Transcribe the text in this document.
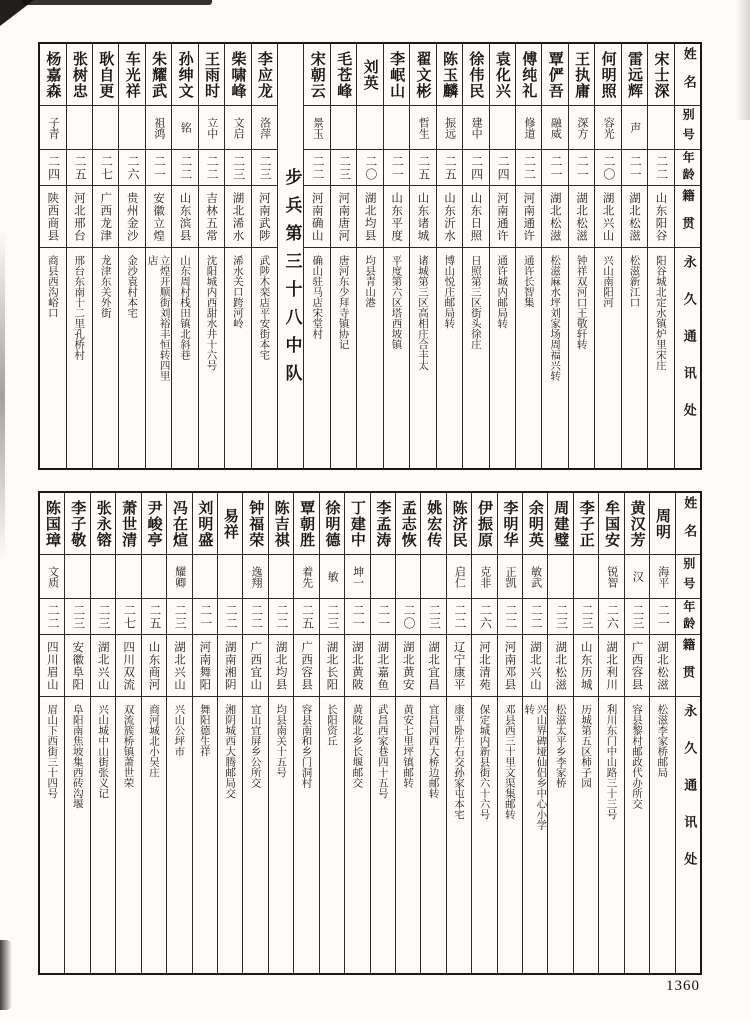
姓名
别号
年龄
籍贯
永久通讯处
宋士深
二二
山东阳谷
阳谷城北定水镇炉里宋庄
雷远辉
声
二一
湖北松滋
松滋新江口
何明照
容光
二〇
湖北兴山
兴山南阳河
王执庸
深方
二一
湖北松滋
钟祥双河口王敬轩转
覃俨吾
融威
二一
湖北松滋
松滋麻水坪刘家场周福兴转
傅纯礼
修道
二二
河南通许
通许长智集
袁化兴
二四
河南通许
通许城内邮局转
徐伟民
建中
二四
山东日照
日照第三区街头徐庄
陈玉麟
振远
二五
山东沂水
博山悦庄邮局转
翟文彬
哲生
二五
山东诸城
诸城第三区高相庄合丰太
李岷山
二一
山东平度
平度第六区塔西坡镇
刘英
二〇
湖北均县
均县青山港
毛苍峰
二三
河南唐河
唐河东少拜寺镇协记
宋朝云
景玉
二二
河南确山
确山驻马店宋堂村
步兵第三十八中队
李应龙
洛萍
二三
河南武陟
武陟木栾店平安街本宅
柴啸峰
文启
二三
湖北浠水
浠水关口跨河岭
王雨时
立中
二二
吉林五常
沈阳城内西甜水井十六号
孙绅文
铭
二二
山东滨县
山东周村栈田镇北斜巷
朱耀武
祖鸿
二一
安徽立煌
立煌开顺街刘裕丰恒转四里店
车光祥
二六
贵州金沙
金沙袁村本宅
耿自更
二七
广西龙津
龙津东关外街
张树忠
二五
河北邢台
邢台东南十二里孔桥村
杨嘉森
子青
二四
陕西商县
商县西沟峪口
姓名
别号
年龄
籍贯
永久通讯处
周明
海平
二一
湖北松滋
松滋李家桥邮局
黄汉芳
汉
二三
广西容县
容县黎村邮政代办所交
牟国安
锐智
二六
湖北利川
利川东门中山路三十三号
李子正
二三
山东历城
历城第五区柿子园
周建璧
二三
湖北松滋
松滋太平乡李家桥
余明英
敏武
二二
湖北兴山
兴山界碑垭仙侣乡中心小学转
李明华
正凯
二二
河南邓县
邓县西三十里文渠集邮转
伊振原
克非
二六
河北清苑
保定城内新县街六十六号
陈济民
启仁
二二
辽宁康平
康平卧牛石交孙家屯本宅
姚宏传
二三
湖北宜昌
宜昌河西大桥边邮转
孟志恢
二〇
湖北黄安
黄安七里坪镇邮转
李孟涛
二一
湖北嘉鱼
武昌西家巷四十五号
丁建中
坤一
二一
湖北黄陂
黄陂北乡长堰邮交
徐明德
敏
二三
湖北长阳
长阳资丘
覃朝胜
着先
二五
广西容县
容县南和乡门洞村
陈吉祺
二二
湖北均县
均县南关十五号
钟福荣
逸翔
二二
广西宜山
宜山宜屏乡公所交
易祥
二二
湖南湘阴
湘阴城西大腾邮局交
刘明盛
二一
河南舞阳
舞阳德生祥
冯在煊
耀卿
二三
湖北兴山
兴山公坪市
尹峻亭
二五
山东商河
商河城北小吴庄
萧世清
二七
四川双流
双流簇桥镇萧世荣
张永镕
二三
湖北兴山
兴山城中山街张义记
李子敬
二三
安徽阜阳
阜阳南焦坡集西砖沟堰
陈国璋
文质
二二
四川眉山
眉山下西街三十四号
1360
